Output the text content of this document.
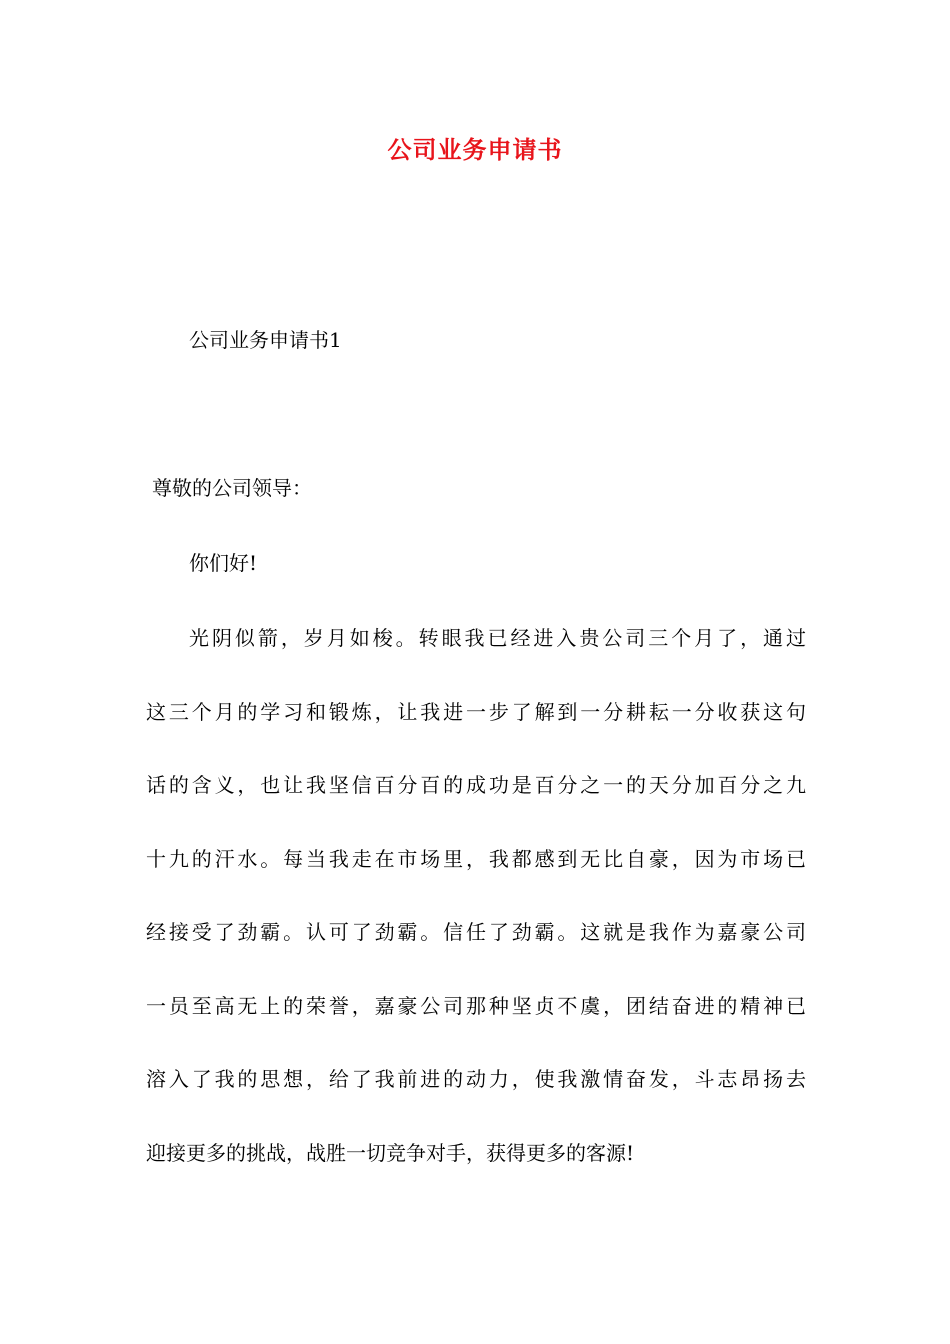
公司业务申请书

公司业务申请书1

尊敬的公司领导：

你们好!

光阴似箭，岁月如梭。转眼我已经进入贵公司三个月了，通过
这三个月的学习和锻炼，让我进一步了解到一分耕耘一分收获这句
话的含义，也让我坚信百分百的成功是百分之一的天分加百分之九
十九的汗水。每当我走在市场里，我都感到无比自豪，因为市场已
经接受了劲霸。认可了劲霸。信任了劲霸。这就是我作为嘉豪公司
一员至高无上的荣誉，嘉豪公司那种坚贞不虞，团结奋进的精神已
溶入了我的思想，给了我前进的动力，使我激情奋发，斗志昂扬去
迎接更多的挑战，战胜一切竞争对手，获得更多的客源!
